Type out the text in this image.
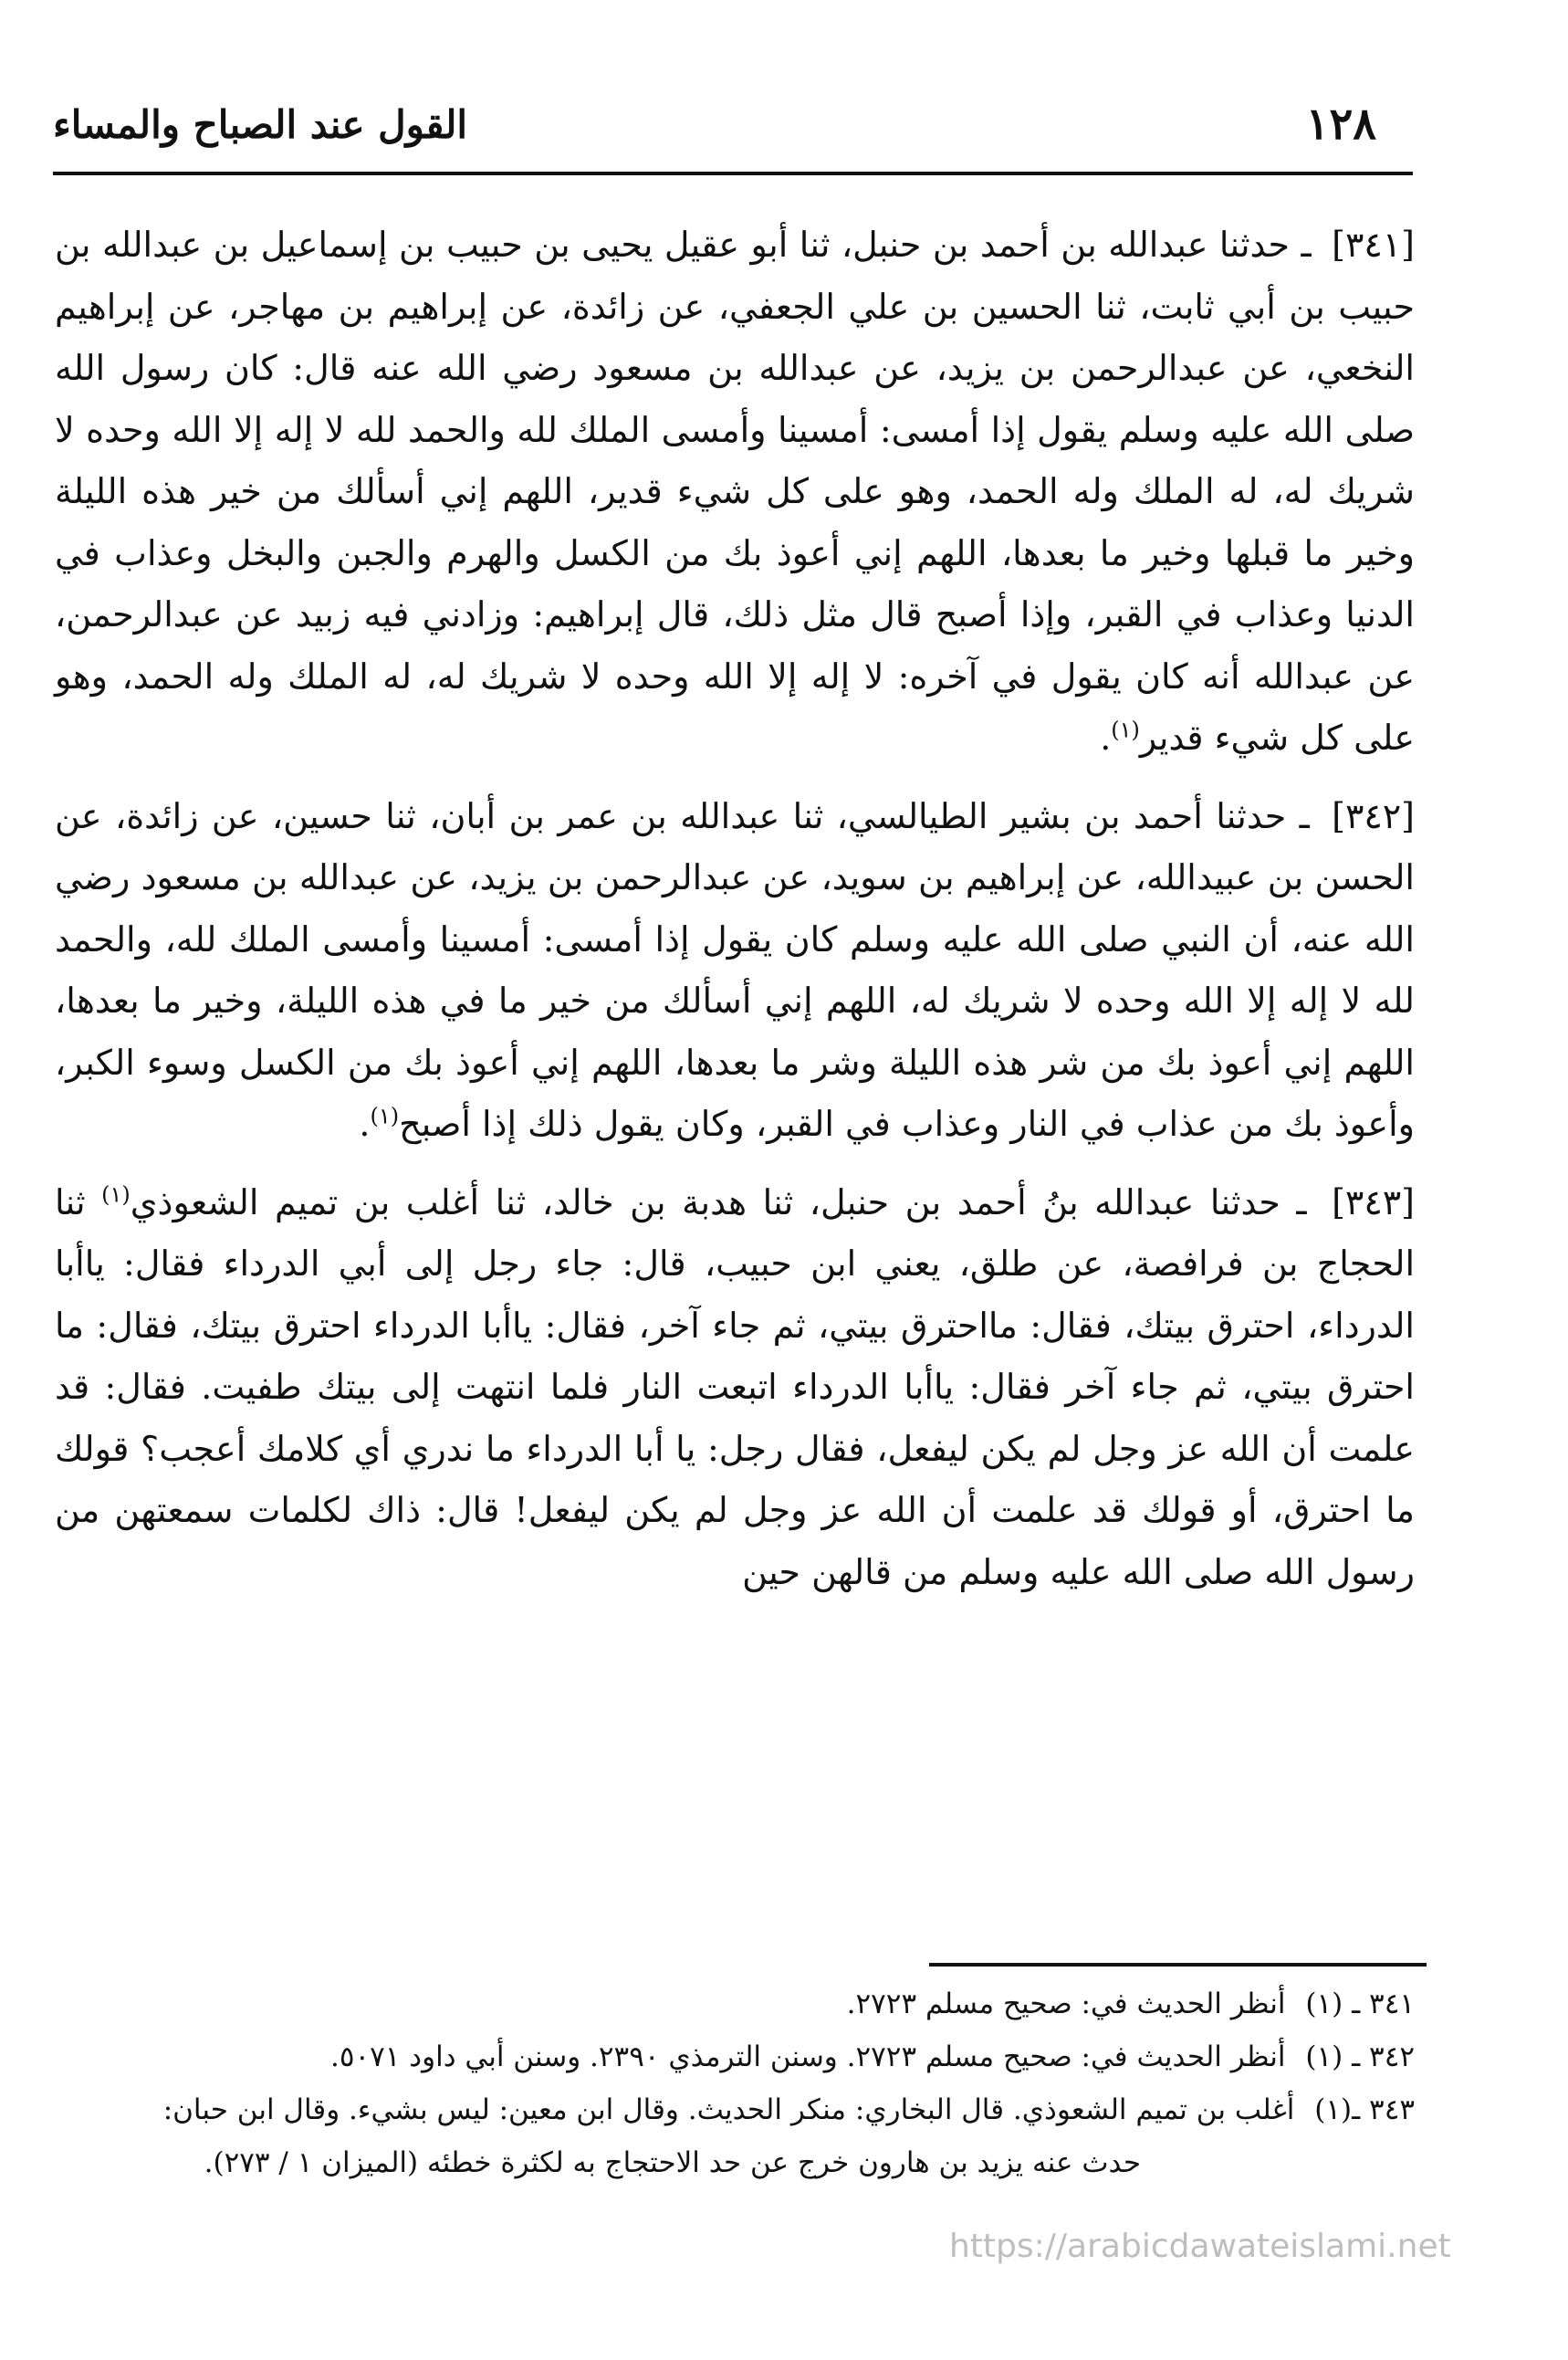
١٢٨
القول عند الصباح والمساء

[٣٤١] ـ حدثنا عبدالله بن أحمد بن حنبل، ثنا أبو عقيل يحيى بن حبيب بن إسماعيل بن عبدالله بن حبيب بن أبي ثابت، ثنا الحسين بن علي الجعفي، عن زائدة، عن إبراهيم بن مهاجر، عن إبراهيم النخعي، عن عبدالرحمن بن يزيد، عن عبدالله بن مسعود رضي الله عنه قال: كان رسول الله صلى الله عليه وسلم يقول إذا أمسى: أمسينا وأمسى الملك لله والحمد لله لا إله إلا الله وحده لا شريك له، له الملك وله الحمد، وهو على كل شيء قدير، اللهم إني أسألك من خير هذه الليلة وخير ما قبلها وخير ما بعدها، اللهم إني أعوذ بك من الكسل والهرم والجبن والبخل وعذاب في الدنيا وعذاب في القبر، وإذا أصبح قال مثل ذلك، قال إبراهيم: وزادني فيه زبيد عن عبدالرحمن، عن عبدالله أنه كان يقول في آخره: لا إله إلا الله وحده لا شريك له، له الملك وله الحمد، وهو على كل شيء قدير$^{(١)}$.

[٣٤٢] ـ حدثنا أحمد بن بشير الطيالسي، ثنا عبدالله بن عمر بن أبان، ثنا حسين، عن زائدة، عن الحسن بن عبيدالله، عن إبراهيم بن سويد، عن عبدالرحمن بن يزيد، عن عبدالله بن مسعود رضي الله عنه، أن النبي صلى الله عليه وسلم كان يقول إذا أمسى: أمسينا وأمسى الملك لله، والحمد لله لا إله إلا الله وحده لا شريك له، اللهم إني أسألك من خير ما في هذه الليلة، وخير ما بعدها، اللهم إني أعوذ بك من شر هذه الليلة وشر ما بعدها، اللهم إني أعوذ بك من الكسل وسوء الكبر، وأعوذ بك من عذاب في النار وعذاب في القبر، وكان يقول ذلك إذا أصبح$^{(١)}$.

[٣٤٣] ـ حدثنا عبدالله بنُ أحمد بن حنبل، ثنا هدبة بن خالد، ثنا أغلب بن تميم الشعوذي$^{(١)}$ ثنا الحجاج بن فرافصة، عن طلق، يعني ابن حبيب، قال: جاء رجل إلى أبي الدرداء فقال: ياأبا الدرداء، احترق بيتك، فقال: مااحترق بيتي، ثم جاء آخر، فقال: ياأبا الدرداء احترق بيتك، فقال: ما احترق بيتي، ثم جاء آخر فقال: ياأبا الدرداء اتبعت النار فلما انتهت إلى بيتك طفيت. فقال: قد علمت أن الله عز وجل لم يكن ليفعل، فقال رجل: يا أبا الدرداء ما ندري أي كلامك أعجب؟ قولك ما احترق، أو قولك قد علمت أن الله عز وجل لم يكن ليفعل! قال: ذاك لكلمات سمعتهن من رسول الله صلى الله عليه وسلم من قالهن حين

٣٤١ ـ (١) أنظر الحديث في: صحيح مسلم ٢٧٢٣.

٣٤٢ ـ (١) أنظر الحديث في: صحيح مسلم ٢٧٢٣. وسنن الترمذي ٢٣٩٠. وسنن أبي داود ٥٠٧١.

٣٤٣ ـ(١) أغلب بن تميم الشعوذي. قال البخاري: منكر الحديث. وقال ابن معين: ليس بشيء. وقال ابن حبان:

حدث عنه يزيد بن هارون خرج عن حد الاحتجاج به لكثرة خطئه (الميزان ١ / ٢٧٣).

https://arabicdawateislami.net
